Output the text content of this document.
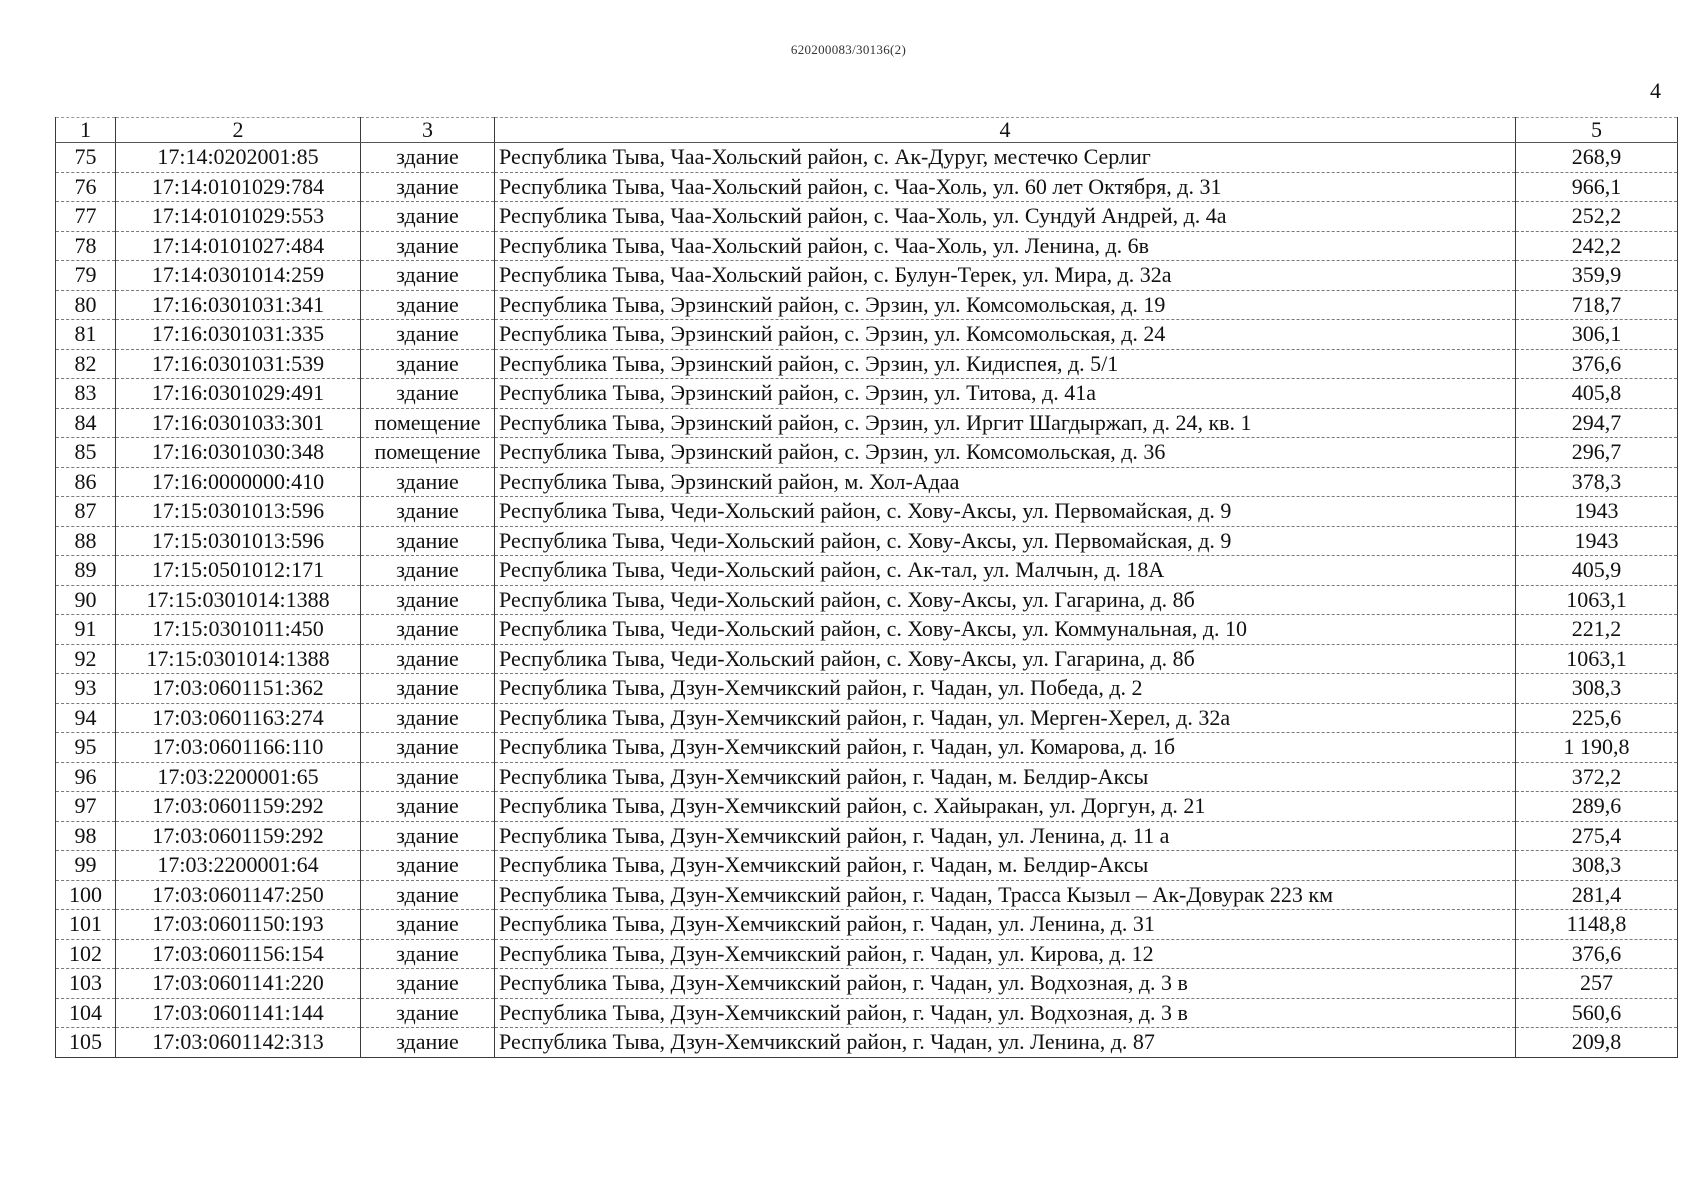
620200083/30136(2)
4
1	2	3	4	5
75	17:14:0202001:85	здание	Республика Тыва, Чаа-Хольский район, с. Ак-Дуруг, местечко Серлиг	268,9
76	17:14:0101029:784	здание	Республика Тыва, Чаа-Хольский район, с. Чаа-Холь, ул. 60 лет Октября, д. 31	966,1
77	17:14:0101029:553	здание	Республика Тыва, Чаа-Хольский район, с. Чаа-Холь, ул. Сундуй Андрей, д. 4а	252,2
78	17:14:0101027:484	здание	Республика Тыва, Чаа-Хольский район, с. Чаа-Холь, ул. Ленина, д. 6в	242,2
79	17:14:0301014:259	здание	Республика Тыва, Чаа-Хольский район, с. Булун-Терек, ул. Мира, д. 32а	359,9
80	17:16:0301031:341	здание	Республика Тыва, Эрзинский район, с. Эрзин, ул. Комсомольская, д. 19	718,7
81	17:16:0301031:335	здание	Республика Тыва, Эрзинский район, с. Эрзин, ул. Комсомольская, д. 24	306,1
82	17:16:0301031:539	здание	Республика Тыва, Эрзинский район, с. Эрзин, ул. Кидиспея, д. 5/1	376,6
83	17:16:0301029:491	здание	Республика Тыва, Эрзинский район, с. Эрзин, ул. Титова, д. 41а	405,8
84	17:16:0301033:301	помещение	Республика Тыва, Эрзинский район, с. Эрзин, ул. Иргит Шагдыржап, д. 24, кв. 1	294,7
85	17:16:0301030:348	помещение	Республика Тыва, Эрзинский район, с. Эрзин, ул. Комсомольская, д. 36	296,7
86	17:16:0000000:410	здание	Республика Тыва, Эрзинский район, м. Хол-Адаа	378,3
87	17:15:0301013:596	здание	Республика Тыва, Чеди-Хольский район, с. Хову-Аксы, ул. Первомайская, д. 9	1943
88	17:15:0301013:596	здание	Республика Тыва, Чеди-Хольский район, с. Хову-Аксы, ул. Первомайская, д. 9	1943
89	17:15:0501012:171	здание	Республика Тыва, Чеди-Хольский район, с. Ак-тал, ул. Малчын, д. 18А	405,9
90	17:15:0301014:1388	здание	Республика Тыва, Чеди-Хольский район, с. Хову-Аксы, ул. Гагарина, д. 8б	1063,1
91	17:15:0301011:450	здание	Республика Тыва, Чеди-Хольский район, с. Хову-Аксы, ул. Коммунальная, д. 10	221,2
92	17:15:0301014:1388	здание	Республика Тыва, Чеди-Хольский район, с. Хову-Аксы, ул. Гагарина, д. 8б	1063,1
93	17:03:0601151:362	здание	Республика Тыва, Дзун-Хемчикский район, г. Чадан, ул. Победа, д. 2	308,3
94	17:03:0601163:274	здание	Республика Тыва, Дзун-Хемчикский район, г. Чадан, ул. Мерген-Херел, д. 32а	225,6
95	17:03:0601166:110	здание	Республика Тыва, Дзун-Хемчикский район, г. Чадан, ул. Комарова, д. 1б	1 190,8
96	17:03:2200001:65	здание	Республика Тыва, Дзун-Хемчикский район, г. Чадан, м. Белдир-Аксы	372,2
97	17:03:0601159:292	здание	Республика Тыва, Дзун-Хемчикский район, с. Хайыракан, ул. Доргун, д. 21	289,6
98	17:03:0601159:292	здание	Республика Тыва, Дзун-Хемчикский район, г. Чадан, ул. Ленина, д. 11 а	275,4
99	17:03:2200001:64	здание	Республика Тыва, Дзун-Хемчикский район, г. Чадан, м. Белдир-Аксы	308,3
100	17:03:0601147:250	здание	Республика Тыва, Дзун-Хемчикский район, г. Чадан, Трасса Кызыл – Ак-Довурак 223 км	281,4
101	17:03:0601150:193	здание	Республика Тыва, Дзун-Хемчикский район, г. Чадан, ул. Ленина, д. 31	1148,8
102	17:03:0601156:154	здание	Республика Тыва, Дзун-Хемчикский район, г. Чадан, ул. Кирова, д. 12	376,6
103	17:03:0601141:220	здание	Республика Тыва, Дзун-Хемчикский район, г. Чадан, ул. Водхозная, д. 3 в	257
104	17:03:0601141:144	здание	Республика Тыва, Дзун-Хемчикский район, г. Чадан, ул. Водхозная, д. 3 в	560,6
105	17:03:0601142:313	здание	Республика Тыва, Дзун-Хемчикский район, г. Чадан, ул. Ленина, д. 87	209,8
